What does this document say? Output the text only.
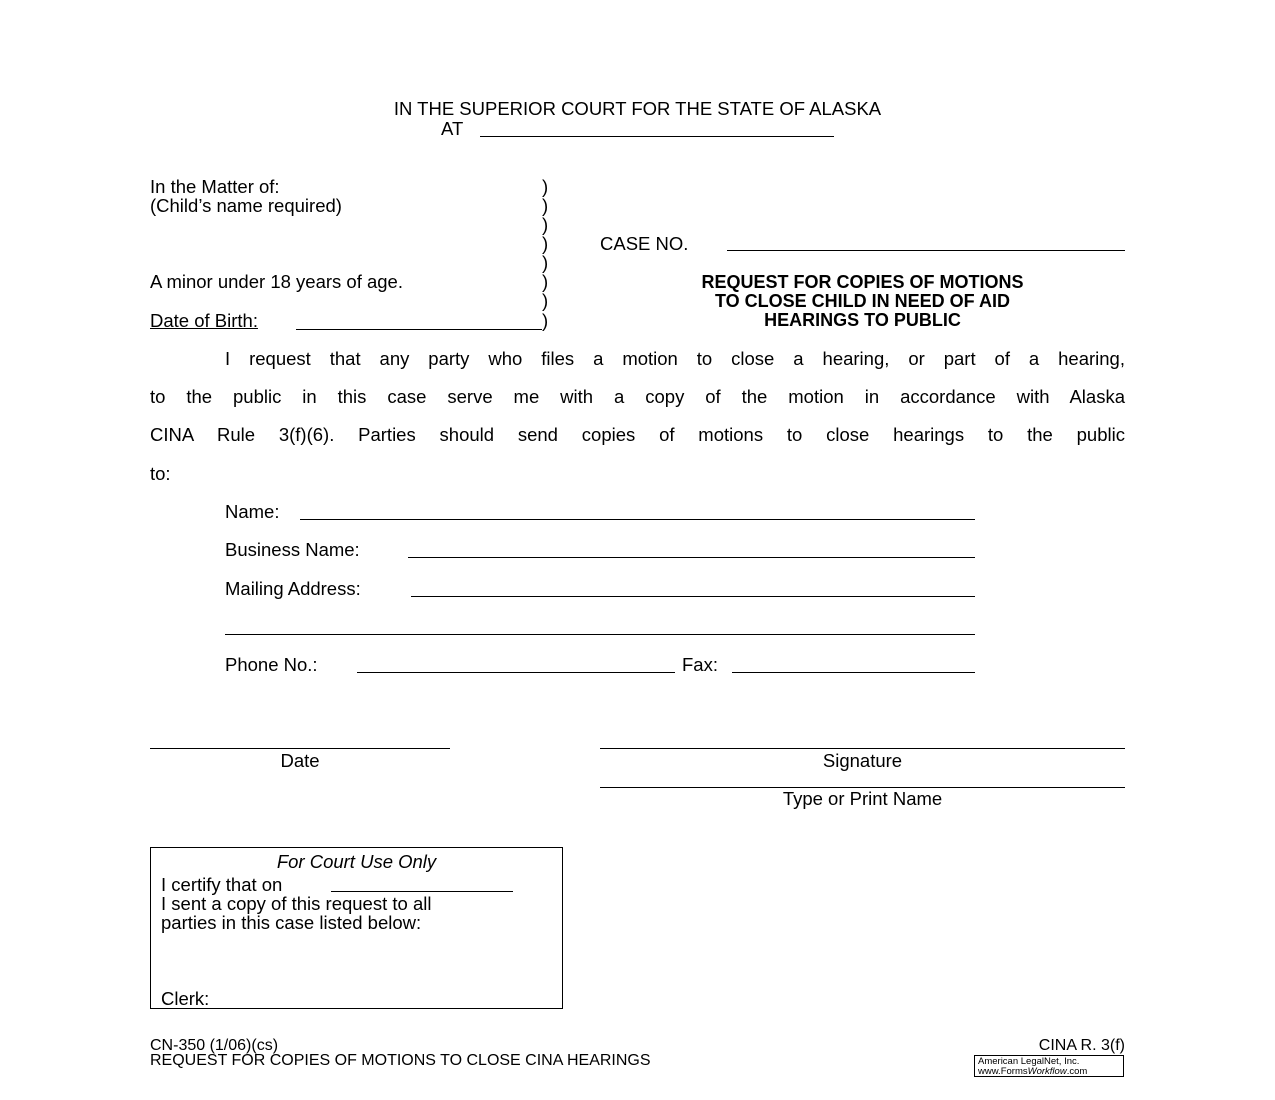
IN THE SUPERIOR COURT FOR THE STATE OF ALASKA
AT
In the Matter of:
(Child’s name required)
A minor under 18 years of age.
Date of Birth:
)
)
)
)
)
)
)
)
CASE NO.
REQUEST FOR COPIES OF MOTIONS
TO CLOSE CHILD IN NEED OF AID
HEARINGS TO PUBLIC
I request that any party who files a motion to close a hearing, or part of a hearing,
to the public in this case serve me with a copy of the motion in accordance with Alaska
CINA Rule 3(f)(6). Parties should send copies of motions to close hearings to the public
to:
Name:
Business Name:
Mailing Address:
Phone No.:	Fax:
Date	Signature
Type or Print Name
For Court Use Only
I certify that on
I sent a copy of this request to all
parties in this case listed below:
Clerk:
CN-350 (1/06)(cs)
REQUEST FOR COPIES OF MOTIONS TO CLOSE CINA HEARINGS
CINA R. 3(f)
American LegalNet, Inc.
www.FormsWorkflow.com
